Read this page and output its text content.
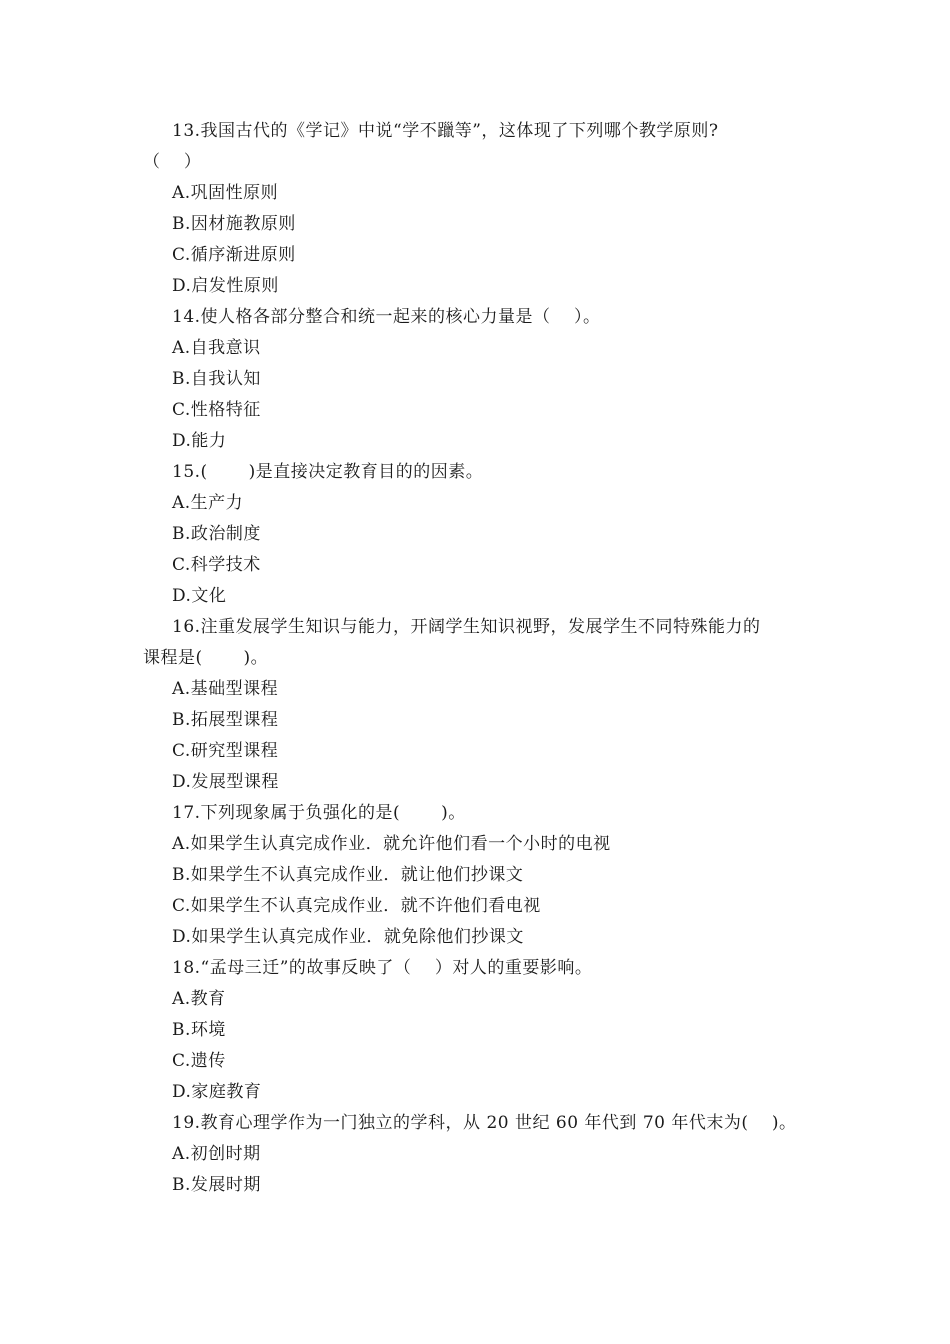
13.我国古代的《学记》中说“学不躐等”，这体现了下列哪个教学原则?
（　 ）
A.巩固性原则
B.因材施教原则
C.循序渐进原则
D.启发性原则
14.使人格各部分整合和统一起来的核心力量是（　 ）。
A.自我意识
B.自我认知
C.性格特征
D.能力
15.(　　 )是直接决定教育目的的因素。
A.生产力
B.政治制度
C.科学技术
D.文化
16.注重发展学生知识与能力，开阔学生知识视野，发展学生不同特殊能力的
课程是(　　 )。
A.基础型课程
B.拓展型课程
C.研究型课程
D.发展型课程
17.下列现象属于负强化的是(　　 )。
A.如果学生认真完成作业．就允许他们看一个小时的电视
B.如果学生不认真完成作业．就让他们抄课文
C.如果学生不认真完成作业．就不许他们看电视
D.如果学生认真完成作业．就免除他们抄课文
18.“孟母三迁”的故事反映了（　 ）对人的重要影响。
A.教育
B.环境
C.遗传
D.家庭教育
19.教育心理学作为一门独立的学科，从 20 世纪 60 年代到 70 年代末为(　 )。
A.初创时期
B.发展时期
